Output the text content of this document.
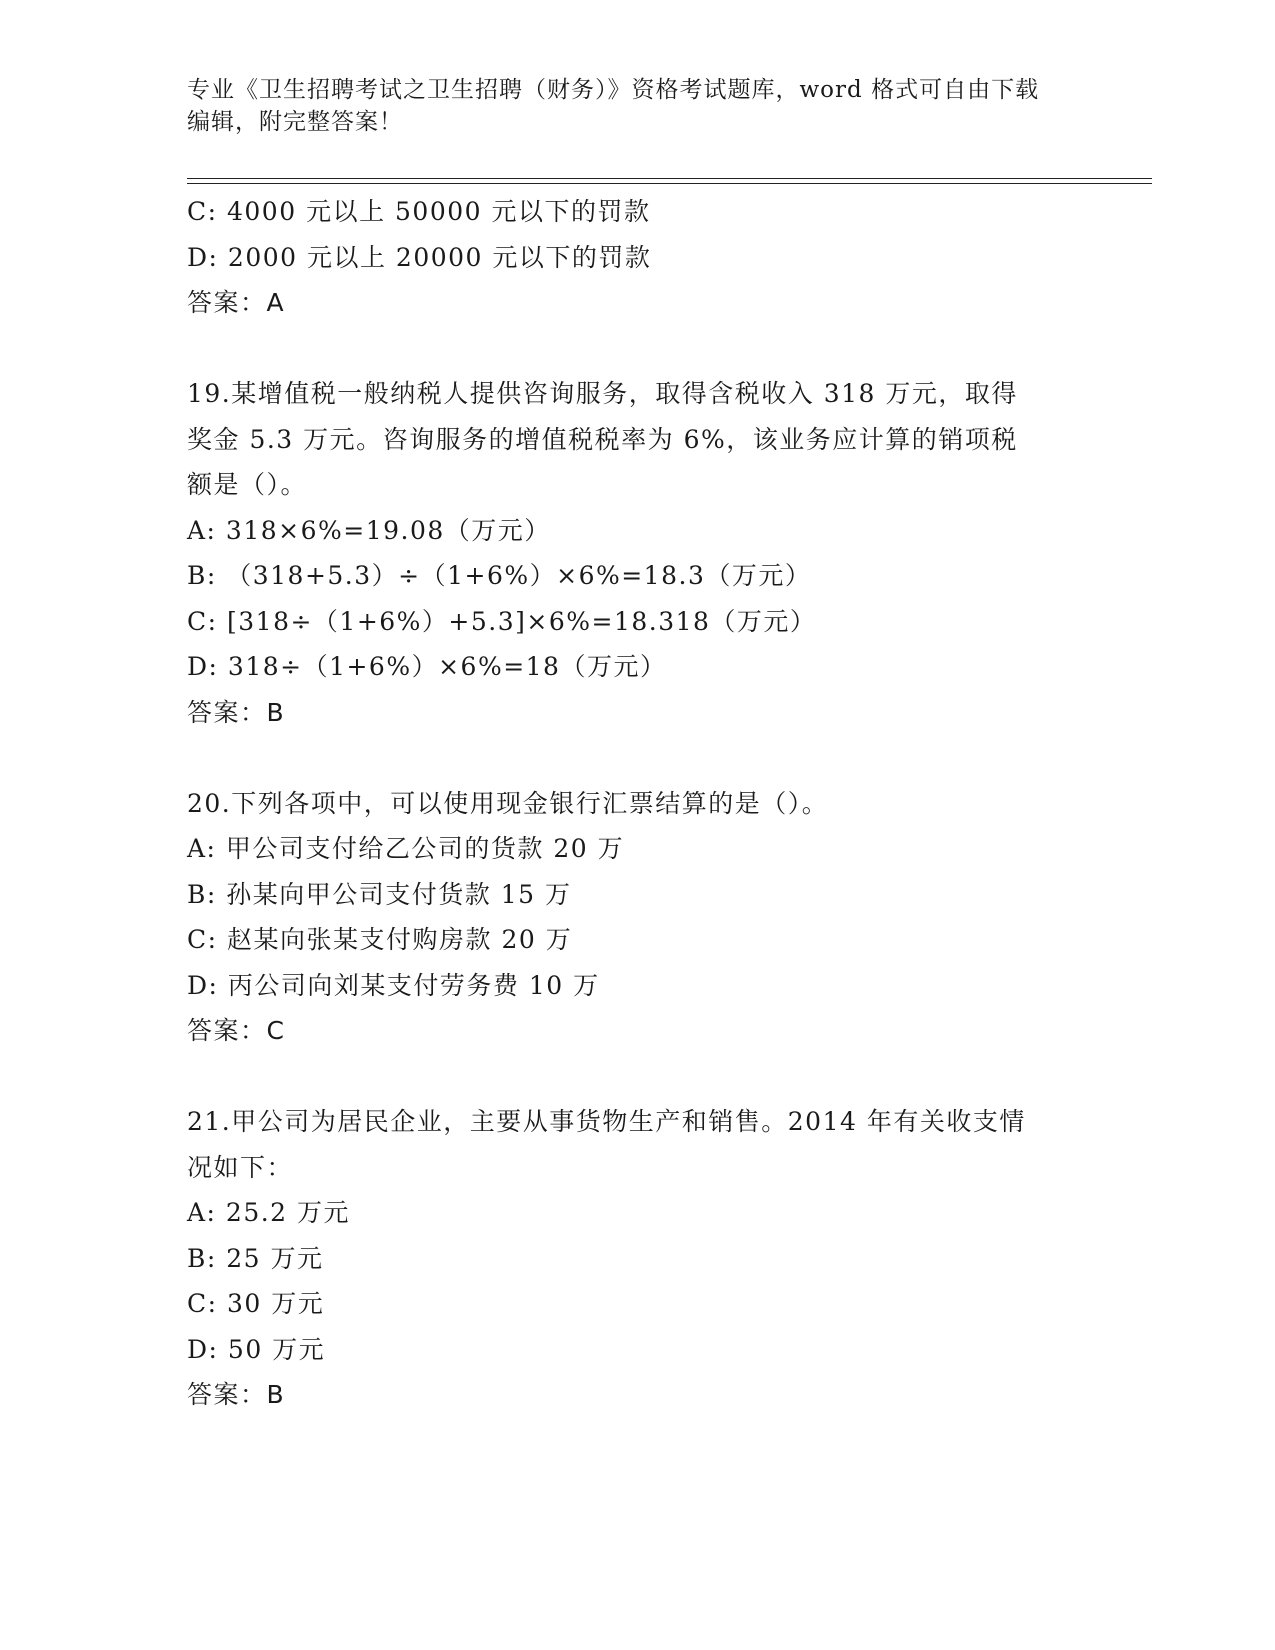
专业《卫生招聘考试之卫生招聘（财务）》资格考试题库，word 格式可自由下载
编辑，附完整答案！
C: 4000 元以上 50000 元以下的罚款
D: 2000 元以上 20000 元以下的罚款
答案：A
19.某增值税一般纳税人提供咨询服务，取得含税收入 318 万元，取得
奖金 5.3 万元。咨询服务的增值税税率为 6%，该业务应计算的销项税
额是（）。
A: 318×6%=19.08（万元）
B: （318+5.3）÷（1+6%）×6%=18.3（万元）
C: [318÷（1+6%）+5.3]×6%=18.318（万元）
D: 318÷（1+6%）×6%=18（万元）
答案：B
20.下列各项中，可以使用现金银行汇票结算的是（）。
A: 甲公司支付给乙公司的货款 20 万
B: 孙某向甲公司支付货款 15 万
C: 赵某向张某支付购房款 20 万
D: 丙公司向刘某支付劳务费 10 万
答案：C
21.甲公司为居民企业，主要从事货物生产和销售。2014 年有关收支情
况如下：
A: 25.2 万元
B: 25 万元
C: 30 万元
D: 50 万元
答案：B
